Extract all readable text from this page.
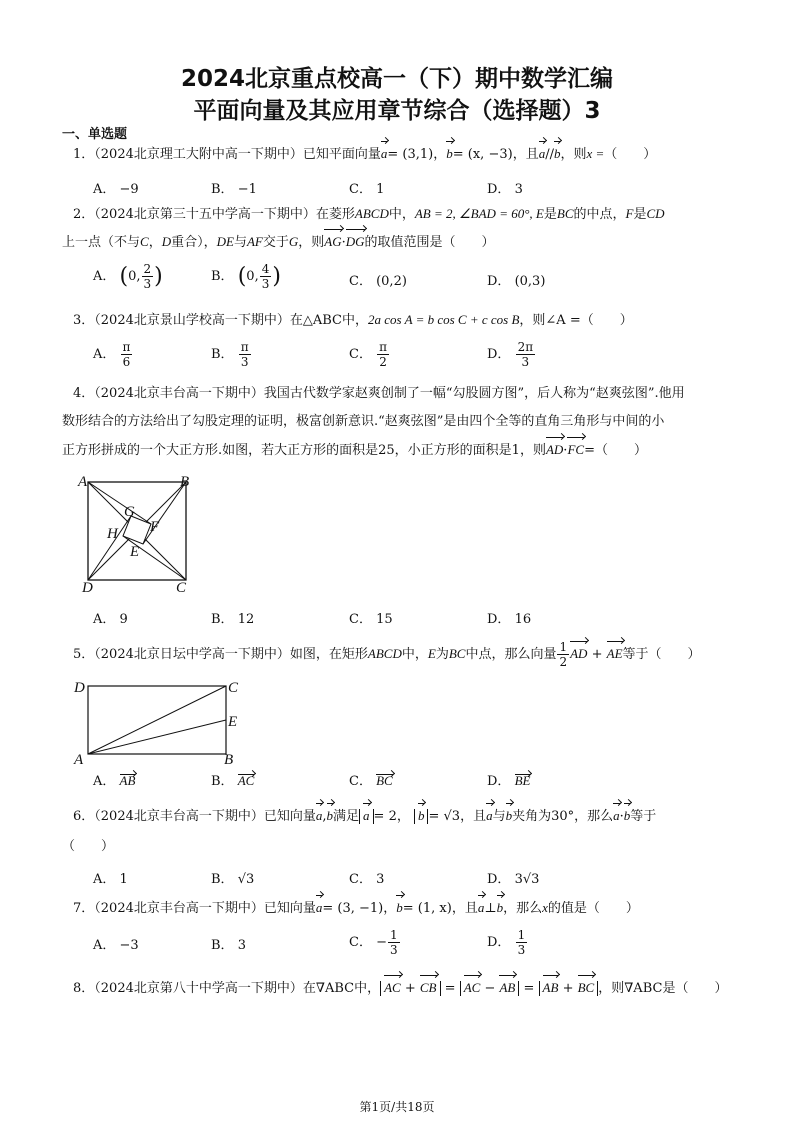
2024北京重点校高一（下）期中数学汇编
平面向量及其应用章节综合（选择题）3
一、单选题
1．（2024北京理工大附中高一下期中）已知平面向量a= (3,1)，b= (x, −3)，且a//b，则x =（　　）
A． −9	B． −1	C． 1	D． 3
2．（2024北京第三十五中学高一下期中）在菱形ABCD中，AB = 2, ∠BAD = 60°, E是BC的中点，F是CD
上一点（不与C，D重合），DE与AF交于G，则AG·DG的取值范围是（　　）
A． (0, $\frac{2}{3}$ )	B． (0, $\frac{4}{3}$ )	C． (0,2)	D． (0,3)
3．（2024北京景山学校高一下期中）在△ABC中，2a cos A = b cos C + c cos B，则∠A =（　　）
A． $\frac{\pi}{6}$	B． $\frac{\pi}{3}$	C． $\frac{\pi}{2}$	D． $\frac{2\pi}{3}$
4．（2024北京丰台高一下期中）我国古代数学家赵爽创制了一幅“勾股圆方图”，后人称为“赵爽弦图”.他用
数形结合的方法给出了勾股定理的证明，极富创新意识.“赵爽弦图”是由四个全等的直角三角形与中间的小
正方形拼成的一个大正方形.如图，若大正方形的面积是25，小正方形的面积是1，则AD·FC=（　　）
A	B
C
D
E
F
G
H
A． 9	B． 12	C． 15	D． 16
5．（2024北京日坛中学高一下期中）如图，在矩形ABCD中，E为BC中点，那么向量 $\frac{1}{2}$ AD + AE等于（　　）
D	C
E
A	B
A． AB	B． AC	C． BC	D． BE
6．（2024北京丰台高一下期中）已知向量a,b满足 a = 2， b = √3，且a与b夹角为30°，那么a·b等于
（　　）
A． 1	B． √3	C． 3	D． 3√3
7．（2024北京丰台高一下期中）已知向量a= (3, −1)，b= (1, x)，且a⊥b，那么x的值是（　　）
A． −3	B． 3	C． − $\frac{1}{3}$	D． $\frac{1}{3}$
8．（2024北京第八十中学高一下期中）在∇ABC中， AC + CB = AC − AB = AB + BC ，则∇ABC是（　　）
第1页/共18页
